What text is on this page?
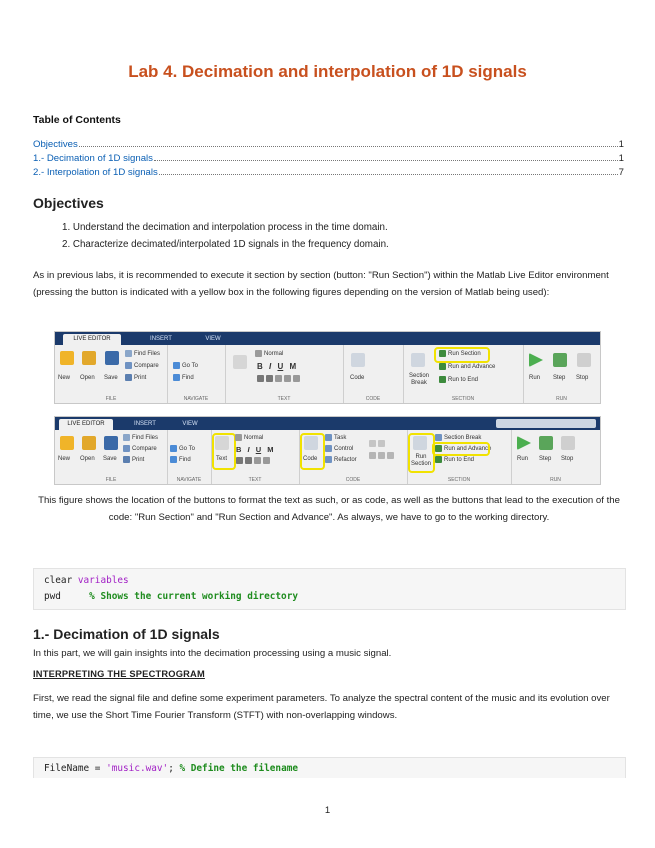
Lab 4. Decimation and interpolation of 1D signals
Table of Contents
Objectives	1
1.- Decimation of 1D signals	1
2.- Interpolation of 1D signals	7
Objectives
1. Understand the decimation and interpolation process in the time domain.
2. Characterize decimated/interpolated 1D signals in the frequency domain.
As in previous labs, it is recommended to execute it section by section (button: "Run Section") within the Matlab Live Editor environment (pressing the button is indicated with a yellow box in the following figures depending on the version of Matlab being used):
LIVE EDITOR	INSERT	VIEW
New Open Save
Find Files
Compare
Print
FILE
Go To
Find
NAVIGATE
Normal
B
I
U
M
TEXT
Code
CODE
Section Break
Run Section
Run and Advance
Run to End
SECTION
Run Step Stop
RUN
LIVE EDITOR	INSERT	VIEW
New Open Save
Find Files
Compare
Print
FILE
Go To
Find
NAVIGATE
Text
Normal
B
I
U
M
TEXT
Code
Task
Control
Refactor
CODE
Run Section
Section Break
Run and Advance
Run to End
SECTION
Run Step Stop
RUN
This figure shows the location of the buttons to format the text as such, or as code, as well as the buttons that lead to the execution of the code: "Run Section" and "Run Section and Advance". As always, we have to go to the working directory.
clear variables
pwd     % Shows the current working directory
1.- Decimation of 1D signals
In this part, we will gain insights into the decimation processing using a music signal.
INTERPRETING THE SPECTROGRAM
First, we read the signal file and define some experiment parameters. To analyze the spectral content of the music and its evolution over time, we use the Short Time Fourier Transform (STFT) with non-overlapping windows.
FileName = 'music.wav'; % Define the filename
1
